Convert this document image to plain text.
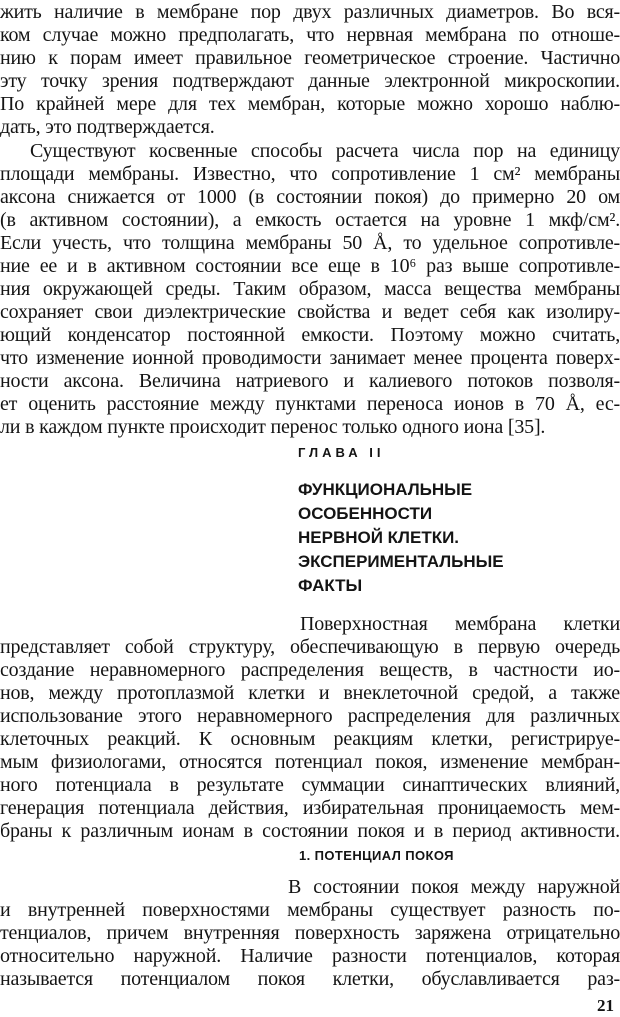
жить наличие в мембране пор двух различных диаметров. Во вся-
ком случае можно предполагать, что нервная мембрана по отноше-
нию к порам имеет правильное геометрическое строение. Частично
эту точку зрения подтверждают данные электронной микроскопии.
По крайней мере для тех мембран, которые можно хорошо наблю-
дать, это подтверждается.
Существуют косвенные способы расчета числа пор на единицу
площади мембраны. Известно, что сопротивление 1 см² мембраны
аксона снижается от 1000 (в состоянии покоя) до примерно 20 ом
(в активном состоянии), а емкость остается на уровне 1 мкф/см².
Если учесть, что толщина мембраны 50 Å, то удельное сопротивле-
ние ее и в активном состоянии все еще в 10⁶ раз выше сопротивле-
ния окружающей среды. Таким образом, масса вещества мембраны
сохраняет свои диэлектрические свойства и ведет себя как изолиру-
ющий конденсатор постоянной емкости. Поэтому можно считать,
что изменение ионной проводимости занимает менее процента поверх-
ности аксона. Величина натриевого и калиевого потоков позволя-
ет оценить расстояние между пунктами переноса ионов в 70 Å, ес-
ли в каждом пункте происходит перенос только одного иона [35].
ГЛАВА II
ФУНКЦИОНАЛЬНЫЕ
ОСОБЕННОСТИ
НЕРВНОЙ КЛЕТКИ.
ЭКСПЕРИМЕНТАЛЬНЫЕ
ФАКТЫ
Поверхностная мембрана клетки
представляет собой структуру, обеспечивающую в первую очередь
создание неравномерного распределения веществ, в частности ио-
нов, между протоплазмой клетки и внеклеточной средой, а также
использование этого неравномерного распределения для различных
клеточных реакций. К основным реакциям клетки, регистрируе-
мым физиологами, относятся потенциал покоя, изменение мембран-
ного потенциала в результате суммации синаптических влияний,
генерация потенциала действия, избирательная проницаемость мем-
браны к различным ионам в состоянии покоя и в период активности.
1. ПОТЕНЦИАЛ ПОКОЯ
В состоянии покоя между наружной
и внутренней поверхностями мембраны существует разность по-
тенциалов, причем внутренняя поверхность заряжена отрицательно
относительно наружной. Наличие разности потенциалов, которая
называется потенциалом покоя клетки, обуславливается раз-
21
